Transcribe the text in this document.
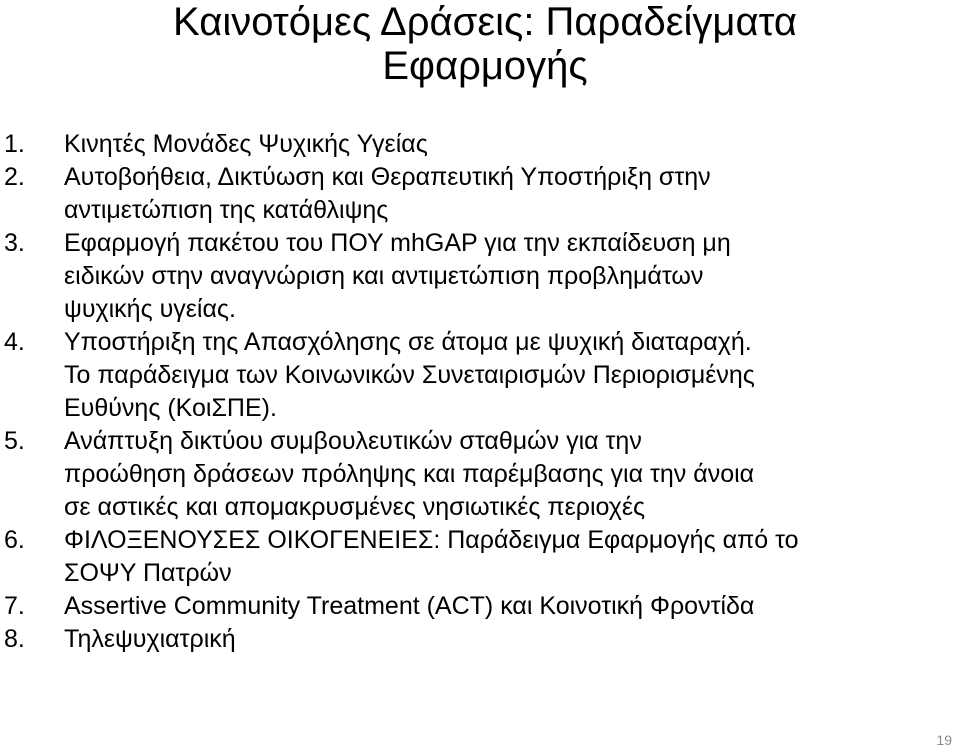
Καινοτόμες Δράσεις: Παραδείγματα
Εφαρμογής
1. Κινητές Μονάδες Ψυχικής Υγείας
2. Αυτοβοήθεια, Δικτύωση και Θεραπευτική Υποστήριξη στην
αντιμετώπιση της κατάθλιψης
3. Εφαρμογή πακέτου του ΠΟΥ mhGAP για την εκπαίδευση μη
ειδικών στην αναγνώριση και αντιμετώπιση προβλημάτων
ψυχικής υγείας.
4. Υποστήριξη της Απασχόλησης σε άτομα με ψυχική διαταραχή.
Το παράδειγμα των Κοινωνικών Συνεταιρισμών Περιορισμένης
Ευθύνης (ΚοιΣΠΕ).
5. Ανάπτυξη δικτύου συμβουλευτικών σταθμών για την
προώθηση δράσεων πρόληψης και παρέμβασης για την άνοια
σε αστικές και απομακρυσμένες νησιωτικές περιοχές
6. ΦΙΛΟΞΕΝΟΥΣΕΣ ΟΙΚΟΓΕΝΕΙΕΣ: Παράδειγμα Εφαρμογής από το
ΣΟΨΥ Πατρών
7. Assertive Community Treatment (ACT) και Κοινοτική Φροντίδα
8. Τηλεψυχιατρική
19
